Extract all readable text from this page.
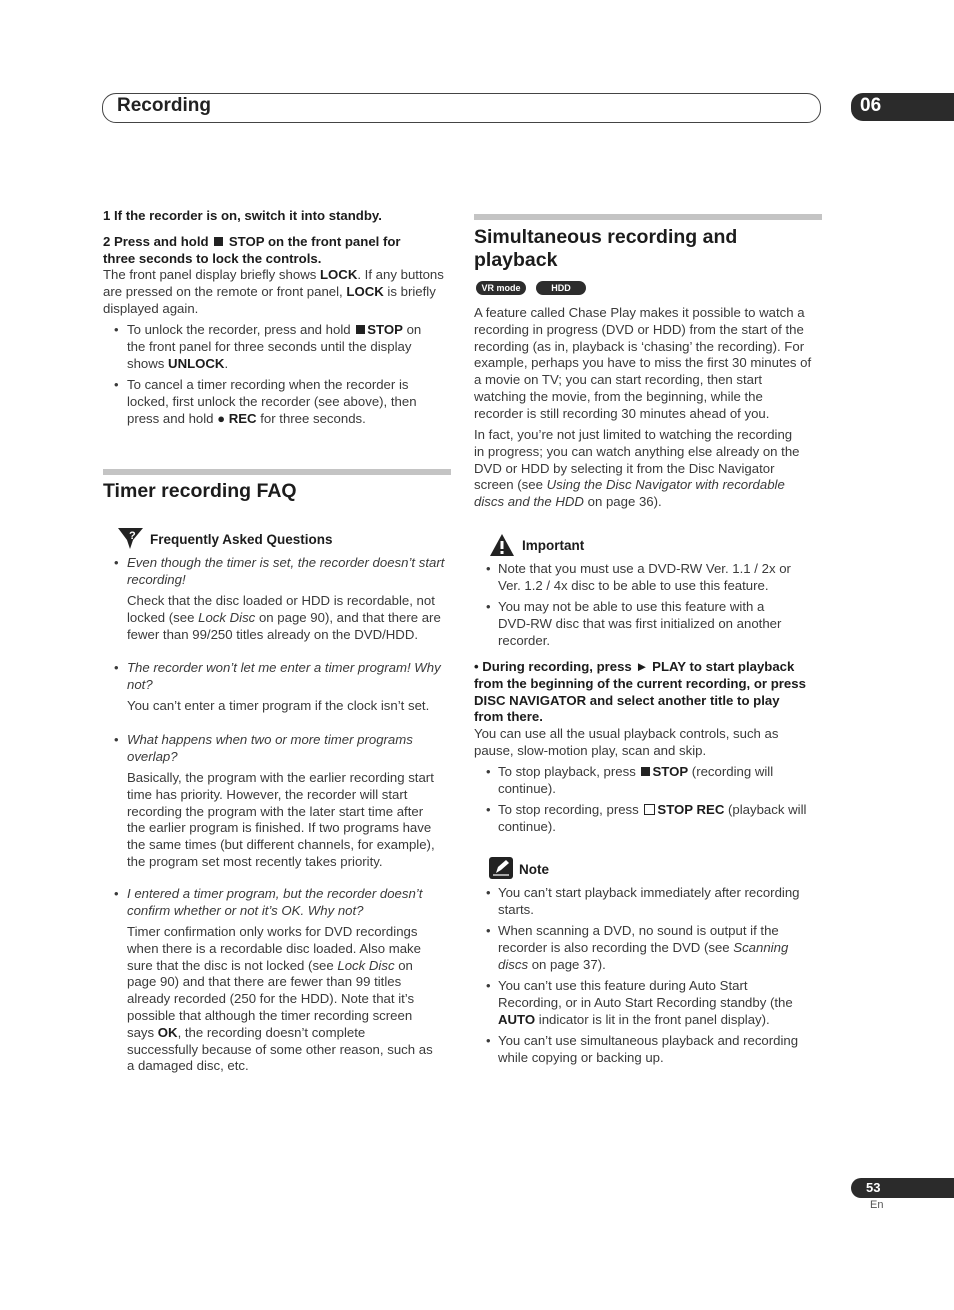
Recording	06
1 If the recorder is on, switch it into standby.
2 Press and hold  STOP on the front panel for
three seconds to lock the controls.
The front panel display briefly shows LOCK. If any buttons
are pressed on the remote or front panel, LOCK is briefly
displayed again.
• To unlock the recorder, press and hold STOP on
the front panel for three seconds until the display
shows UNLOCK.
• To cancel a timer recording when the recorder is
locked, first unlock the recorder (see above), then
press and hold ● REC for three seconds.
Timer recording FAQ
? Frequently Asked Questions
• Even though the timer is set, the recorder doesn’t start
recording!
Check that the disc loaded or HDD is recordable, not
locked (see Lock Disc on page 90), and that there are
fewer than 99/250 titles already on the DVD/HDD.
• The recorder won’t let me enter a timer program! Why
not?
You can’t enter a timer program if the clock isn’t set.
• What happens when two or more timer programs
overlap?
Basically, the program with the earlier recording start
time has priority. However, the recorder will start
recording the program with the later start time after
the earlier program is finished. If two programs have
the same times (but different channels, for example),
the program set most recently takes priority.
• I entered a timer program, but the recorder doesn’t
confirm whether or not it’s OK. Why not?
Timer confirmation only works for DVD recordings
when there is a recordable disc loaded. Also make
sure that the disc is not locked (see Lock Disc on
page 90) and that there are fewer than 99 titles
already recorded (250 for the HDD). Note that it’s
possible that although the timer recording screen
says OK, the recording doesn’t complete
successfully because of some other reason, such as
a damaged disc, etc.
Simultaneous recording and
playback
VR mode	HDD
A feature called Chase Play makes it possible to watch a
recording in progress (DVD or HDD) from the start of the
recording (as in, playback is ‘chasing’ the recording). For
example, perhaps you have to miss the first 30 minutes of
a movie on TV; you can start recording, then start
watching the movie, from the beginning, while the
recorder is still recording 30 minutes ahead of you.
In fact, you’re not just limited to watching the recording
in progress; you can watch anything else already on the
DVD or HDD by selecting it from the Disc Navigator
screen (see Using the Disc Navigator with recordable
discs and the HDD on page 36).
Important
• Note that you must use a DVD-RW Ver. 1.1 / 2x or
Ver. 1.2 / 4x disc to be able to use this feature.
• You may not be able to use this feature with a
DVD-RW disc that was first initialized on another
recorder.
• During recording, press ► PLAY to start playback
from the beginning of the current recording, or press
DISC NAVIGATOR and select another title to play
from there.
You can use all the usual playback controls, such as
pause, slow-motion play, scan and skip.
• To stop playback, press STOP (recording will
continue).
• To stop recording, press STOP REC (playback will
continue).
Note
• You can’t start playback immediately after recording
starts.
• When scanning a DVD, no sound is output if the
recorder is also recording the DVD (see Scanning
discs on page 37).
• You can’t use this feature during Auto Start
Recording, or in Auto Start Recording standby (the
AUTO indicator is lit in the front panel display).
• You can’t use simultaneous playback and recording
while copying or backing up.
53
En
